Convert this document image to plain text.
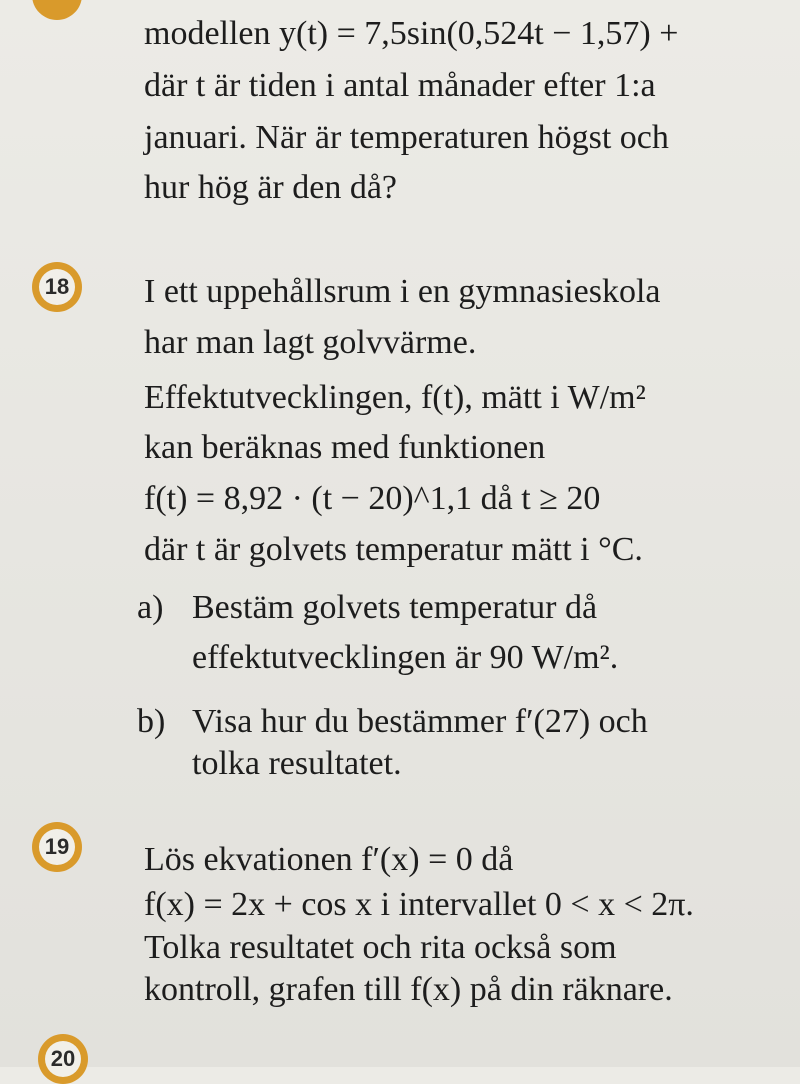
modellen y(t) = 7,5sin(0,524t − 1,57) +
där t är tiden i antal månader efter 1:a
januari. När är temperaturen högst och
hur hög är den då?
18 I ett uppehållsrum i en gymnasieskola
har man lagt golvvärme.
Effektutvecklingen, f(t), mätt i W/m²
kan beräknas med funktionen
f(t) = 8,92 · (t − 20)^1,1 då t ≥ 20
där t är golvets temperatur mätt i °C.
a) Bestäm golvets temperatur då
effektutvecklingen är 90 W/m².
b) Visa hur du bestämmer f′(27) och
tolka resultatet.
19 Lös ekvationen f′(x) = 0 då
f(x) = 2x + cos x i intervallet 0 < x < 2π.
Tolka resultatet och rita också som
kontroll, grafen till f(x) på din räknare.
20
